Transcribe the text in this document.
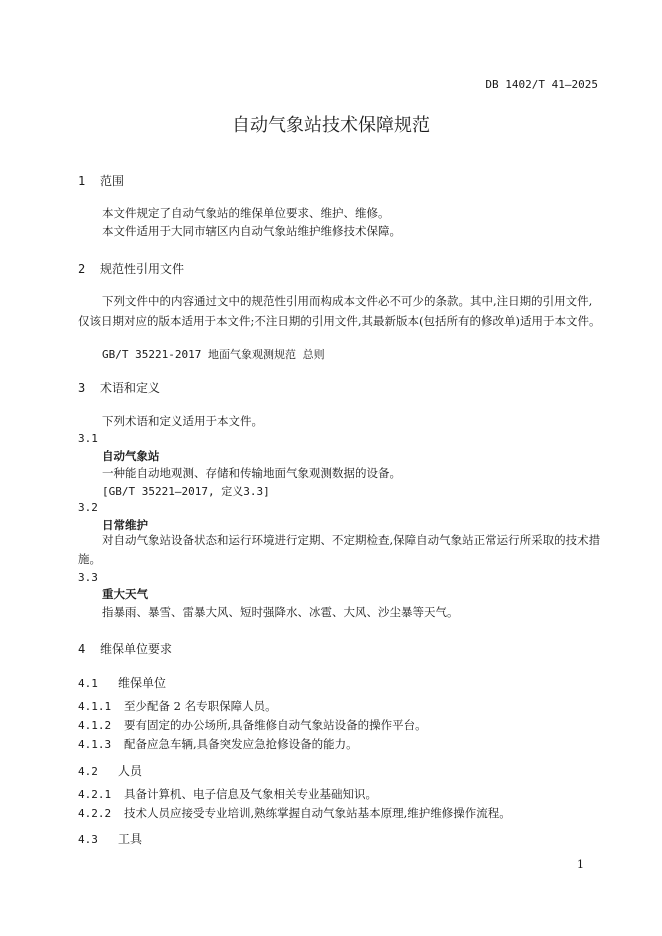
DB 1402/T 41—2025
自动气象站技术保障规范
1 范围
本文件规定了自动气象站的维保单位要求、维护、维修。
本文件适用于大同市辖区内自动气象站维护维修技术保障。
2 规范性引用文件
下列文件中的内容通过文中的规范性引用而构成本文件必不可少的条款。其中,注日期的引用文件,仅该日期对应的版本适用于本文件;不注日期的引用文件,其最新版本(包括所有的修改单)适用于本文件。
GB/T 35221-2017 地面气象观测规范 总则
3 术语和定义
下列术语和定义适用于本文件。
3.1
自动气象站
一种能自动地观测、存储和传输地面气象观测数据的设备。
[GB/T 35221—2017, 定义3.3]
3.2
日常维护
对自动气象站设备状态和运行环境进行定期、不定期检查,保障自动气象站正常运行所采取的技术措施。
3.3
重大天气
指暴雨、暴雪、雷暴大风、短时强降水、冰雹、大风、沙尘暴等天气。
4 维保单位要求
4.1 维保单位
4.1.1 至少配备 2 名专职保障人员。
4.1.2 要有固定的办公场所,具备维修自动气象站设备的操作平台。
4.1.3 配备应急车辆,具备突发应急抢修设备的能力。
4.2 人员
4.2.1 具备计算机、电子信息及气象相关专业基础知识。
4.2.2 技术人员应接受专业培训,熟练掌握自动气象站基本原理,维护维修操作流程。
4.3 工具
1
